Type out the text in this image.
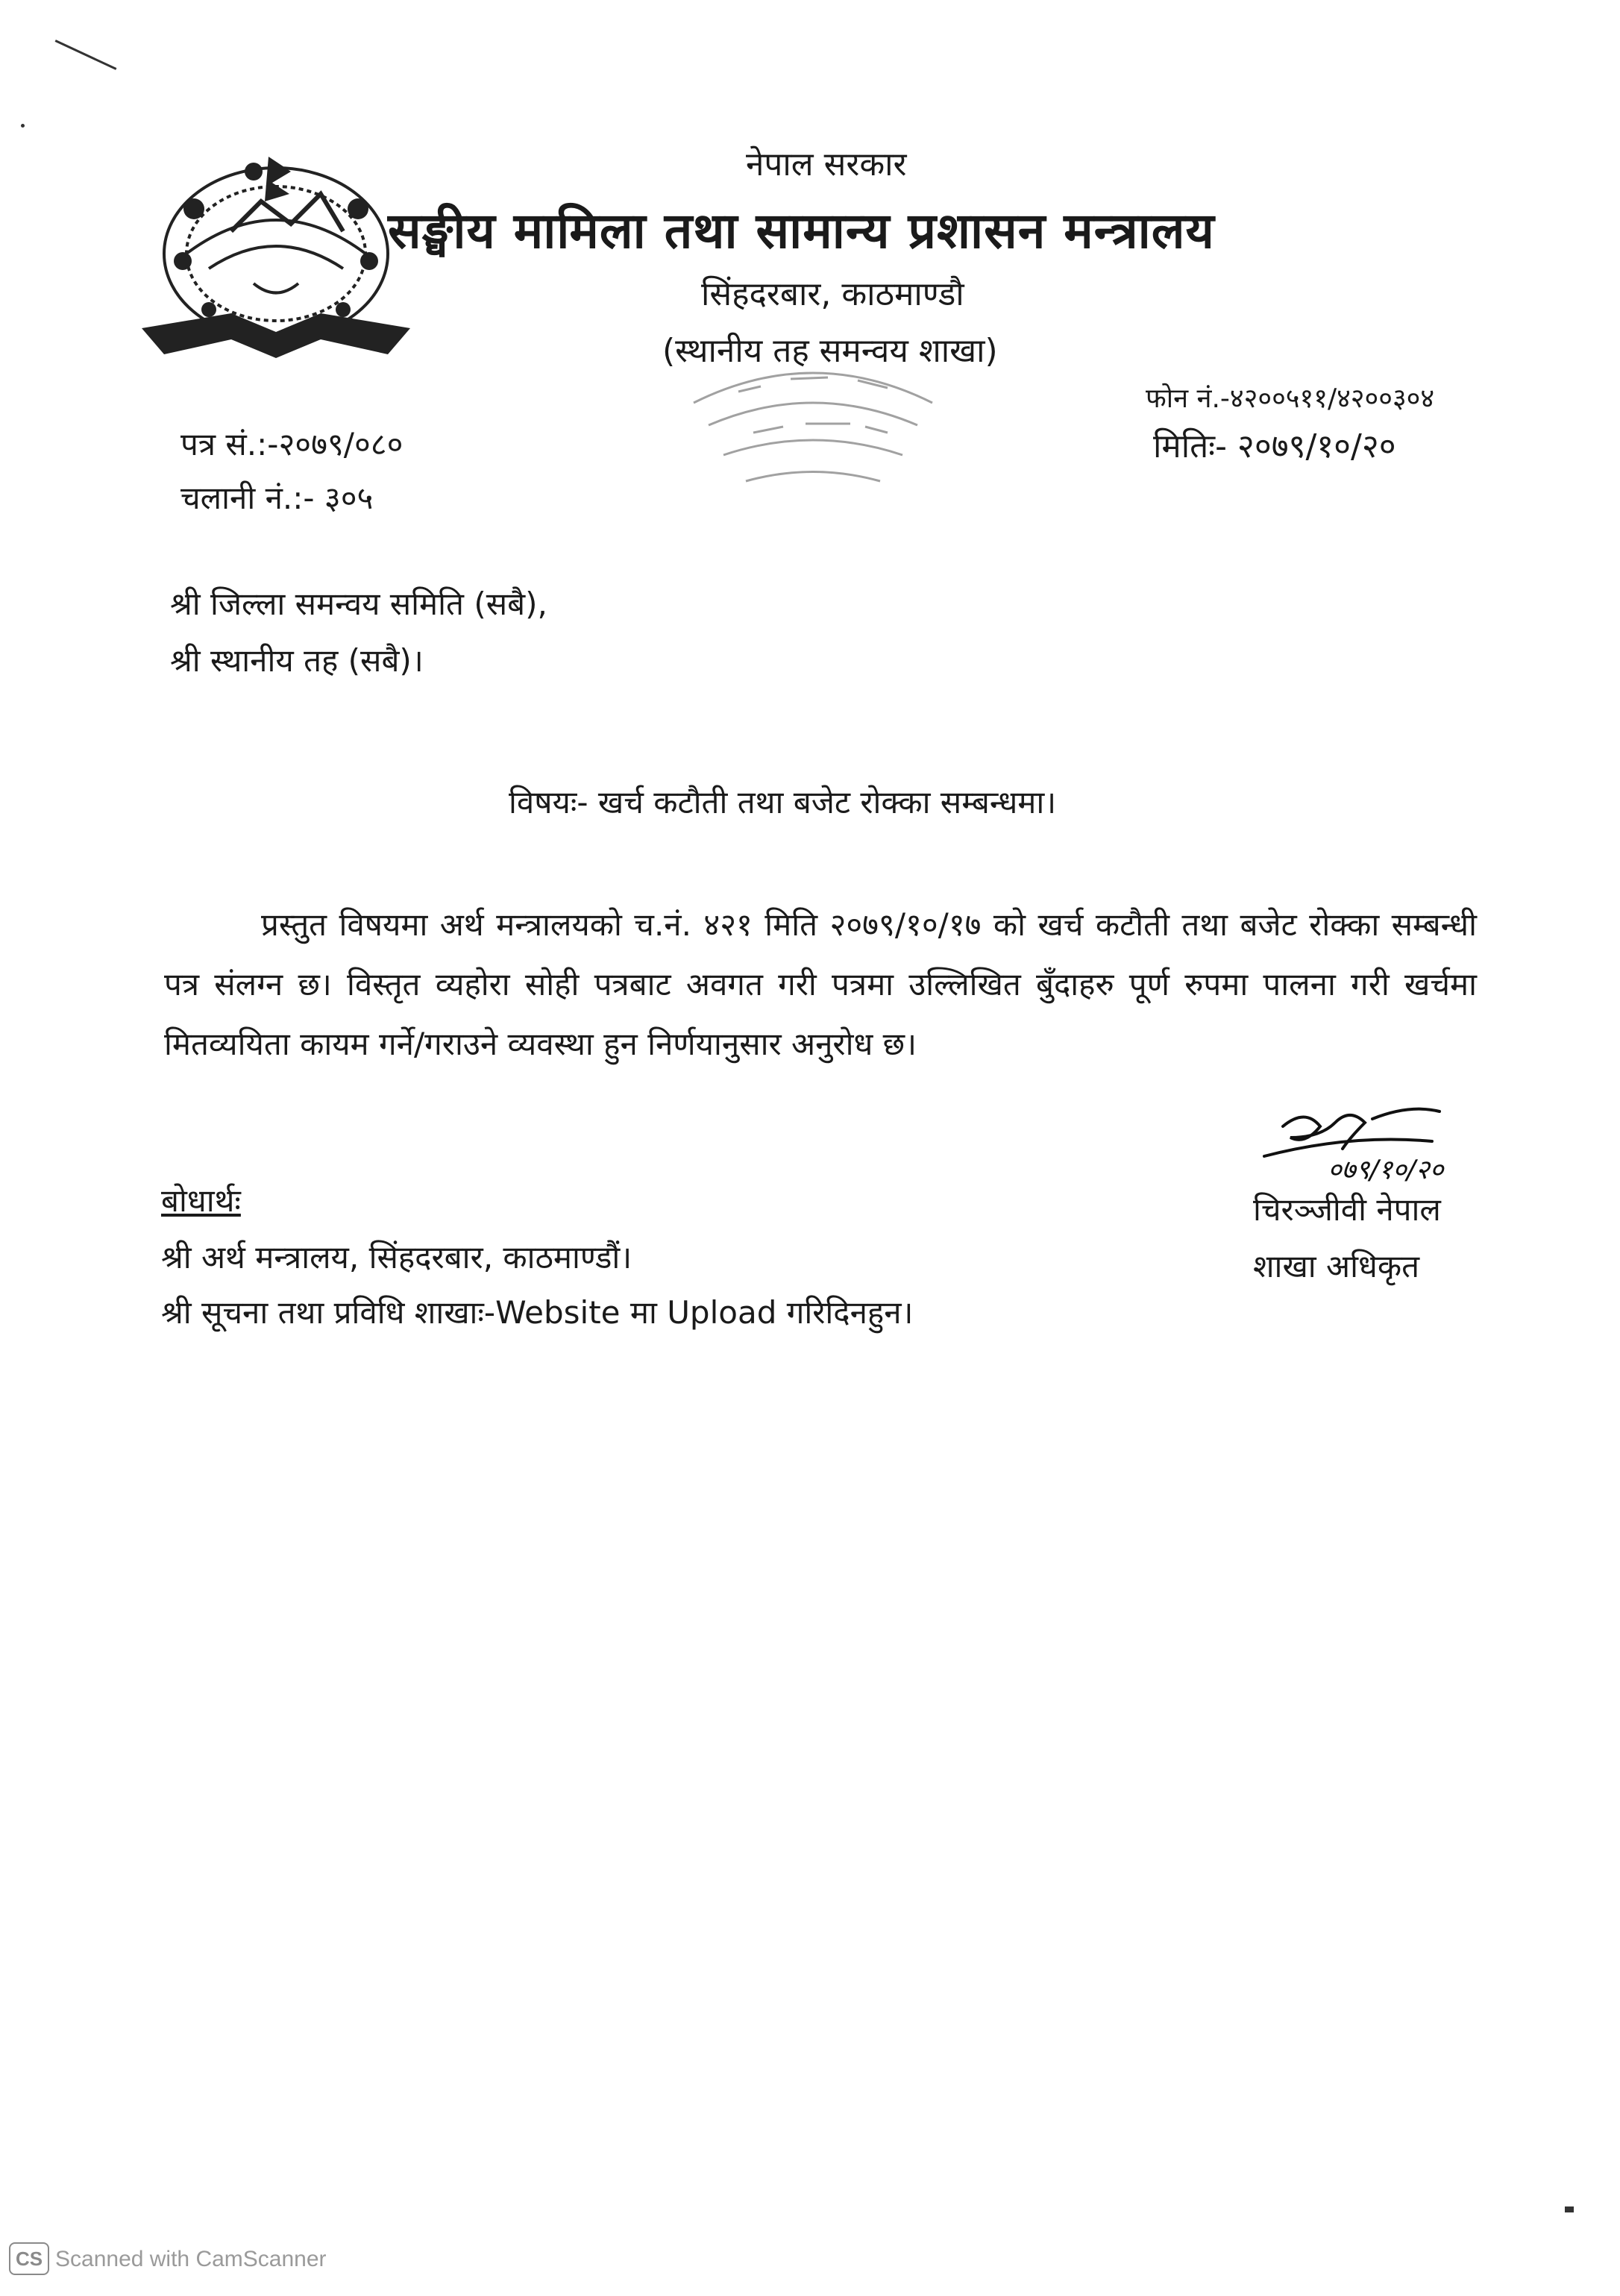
नेपाल सरकार
सङ्घीय मामिला तथा सामान्य प्रशासन मन्त्रालय
सिंहदरबार, काठमाण्डौ
(स्थानीय तह समन्वय शाखा)
फोन नं.-४२००५११/४२००३०४
मितिः- २०७९/१०/२०
पत्र सं.:-२०७९/०८०
चलानी नं.:- ३०५
श्री जिल्ला समन्वय समिति (सबै),
श्री स्थानीय तह (सबै)।
विषयः- खर्च कटौती तथा बजेट रोक्का सम्बन्धमा।
प्रस्तुत विषयमा अर्थ मन्त्रालयको च.नं. ४२१ मिति २०७९/१०/१७ को खर्च कटौती तथा बजेट रोक्का सम्बन्धी पत्र संलग्न छ। विस्तृत व्यहोरा सोही पत्रबाट अवगत गरी पत्रमा उल्लिखित बुँदाहरु पूर्ण रुपमा पालना गरी खर्चमा मितव्ययिता कायम गर्ने/गराउने व्यवस्था हुन निर्णयानुसार अनुरोध छ।
०७९/१०/२०
चिरञ्जीवी नेपाल
शाखा अधिकृत
बोधार्थः
श्री अर्थ मन्त्रालय, सिंहदरबार, काठमाण्डौं।
श्री सूचना तथा प्रविधि शाखाः-Website मा Upload गरिदिनहुन।
CS Scanned with CamScanner
